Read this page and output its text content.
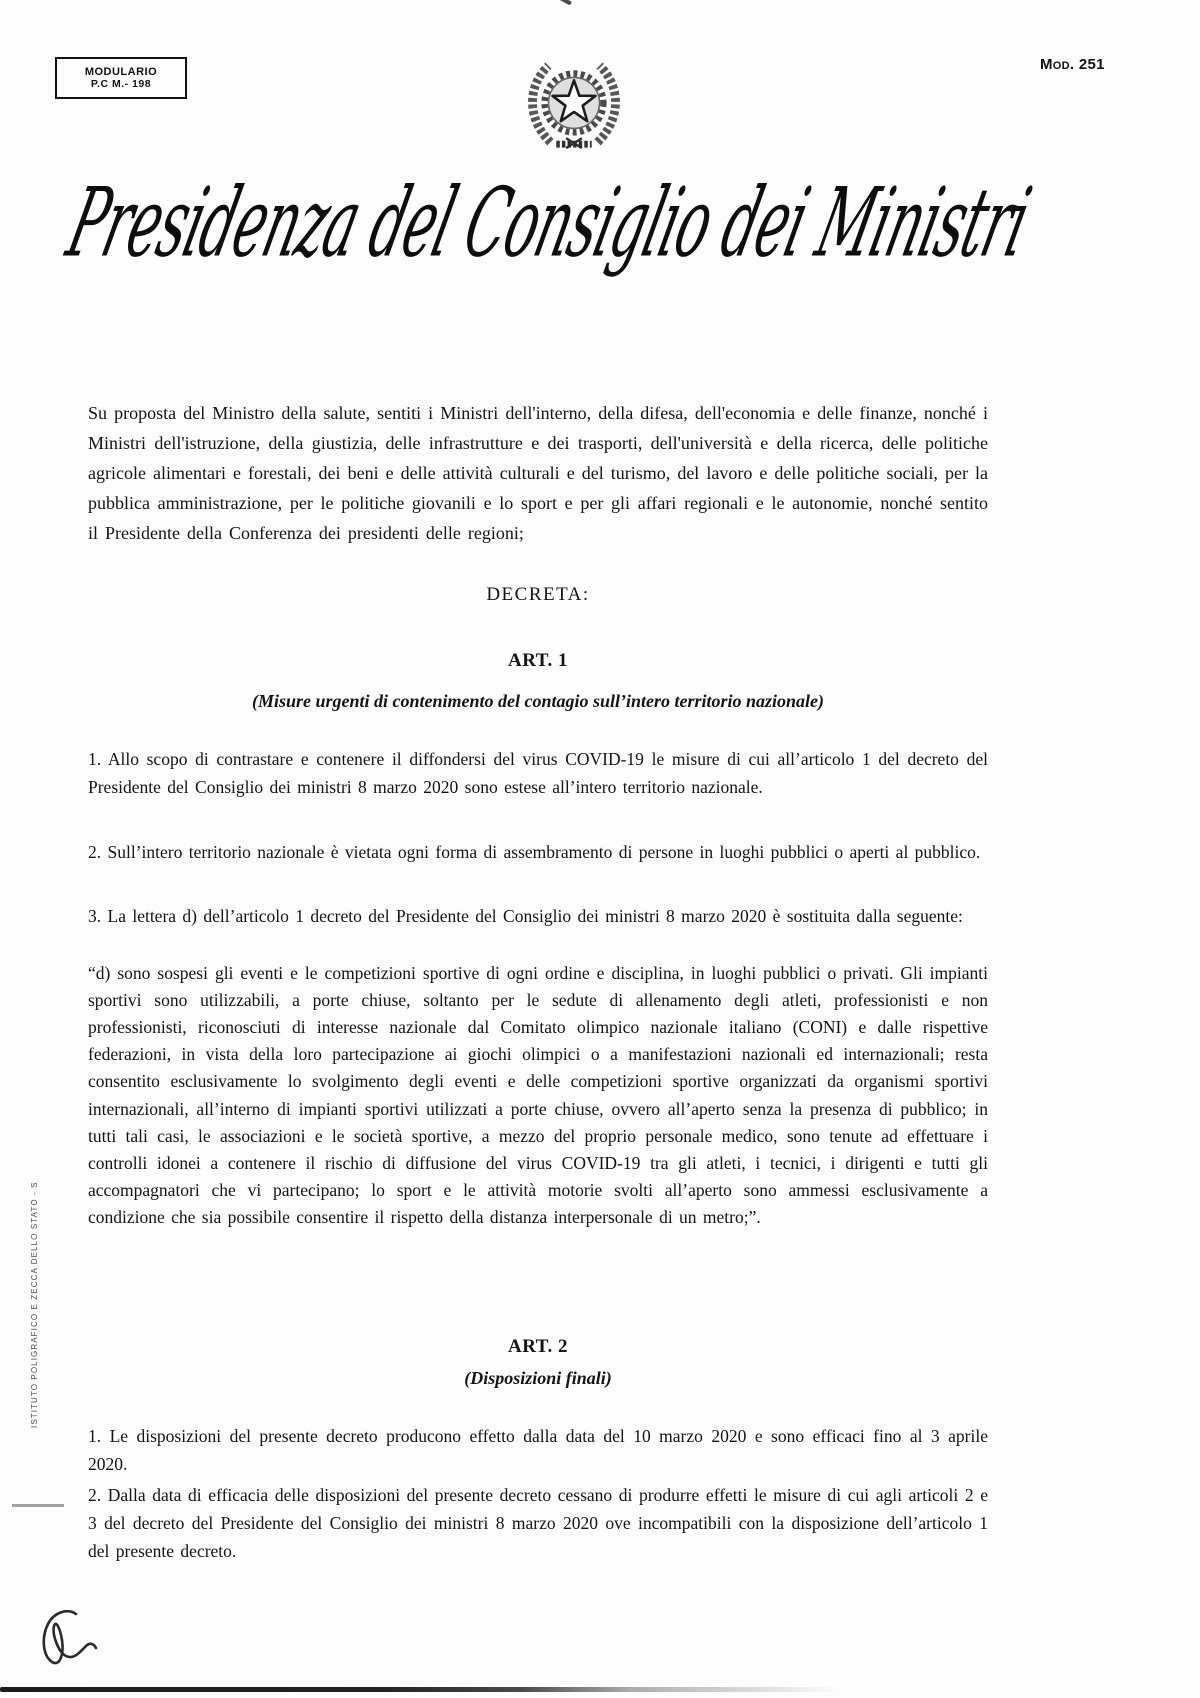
MODULARIO
P.C M.- 198
Mod. 251
Presidenza del Consiglio dei Ministri

Su proposta del Ministro della salute, sentiti i Ministri dell'interno, della difesa, dell'economia e delle finanze, nonché i Ministri dell'istruzione, della giustizia, delle infrastrutture e dei trasporti, dell'università e della ricerca, delle politiche agricole alimentari e forestali, dei beni e delle attività culturali e del turismo, del lavoro e delle politiche sociali, per la pubblica amministrazione, per le politiche giovanili e lo sport e per gli affari regionali e le autonomie, nonché sentito il Presidente della Conferenza dei presidenti delle regioni;

DECRETA:
ART. 1
(Misure urgenti di contenimento del contagio sull’intero territorio nazionale)

1. Allo scopo di contrastare e contenere il diffondersi del virus COVID-19 le misure di cui all’articolo 1 del decreto del Presidente del Consiglio dei ministri 8 marzo 2020 sono estese all’intero territorio nazionale.

2. Sull’intero territorio nazionale è vietata ogni forma di assembramento di persone in luoghi pubblici o aperti al pubblico.

3. La lettera d) dell’articolo 1 decreto del Presidente del Consiglio dei ministri 8 marzo 2020 è sostituita dalla seguente:

“d) sono sospesi gli eventi e le competizioni sportive di ogni ordine e disciplina, in luoghi pubblici o privati. Gli impianti sportivi sono utilizzabili, a porte chiuse, soltanto per le sedute di allenamento degli atleti, professionisti e non professionisti, riconosciuti di interesse nazionale dal Comitato olimpico nazionale italiano (CONI) e dalle rispettive federazioni, in vista della loro partecipazione ai giochi olimpici o a manifestazioni nazionali ed internazionali; resta consentito esclusivamente lo svolgimento degli eventi e delle competizioni sportive organizzati da organismi sportivi internazionali, all’interno di impianti sportivi utilizzati a porte chiuse, ovvero all’aperto senza la presenza di pubblico; in tutti tali casi, le associazioni e le società sportive, a mezzo del proprio personale medico, sono tenute ad effettuare i controlli idonei a contenere il rischio di diffusione del virus COVID-19 tra gli atleti, i tecnici, i dirigenti e tutti gli accompagnatori che vi partecipano; lo sport e le attività motorie svolti all’aperto sono ammessi esclusivamente a condizione che sia possibile consentire il rispetto della distanza interpersonale di un metro;”.

ART. 2
(Disposizioni finali)

1. Le disposizioni del presente decreto producono effetto dalla data del 10 marzo 2020 e sono efficaci fino al 3 aprile 2020.

2. Dalla data di efficacia delle disposizioni del presente decreto cessano di produrre effetti le misure di cui agli articoli 2 e 3 del decreto del Presidente del Consiglio dei ministri 8 marzo 2020 ove incompatibili con la disposizione dell’articolo 1 del presente decreto.

ISTITUTO POLIGRAFICO E ZECCA DELLO STATO - S
